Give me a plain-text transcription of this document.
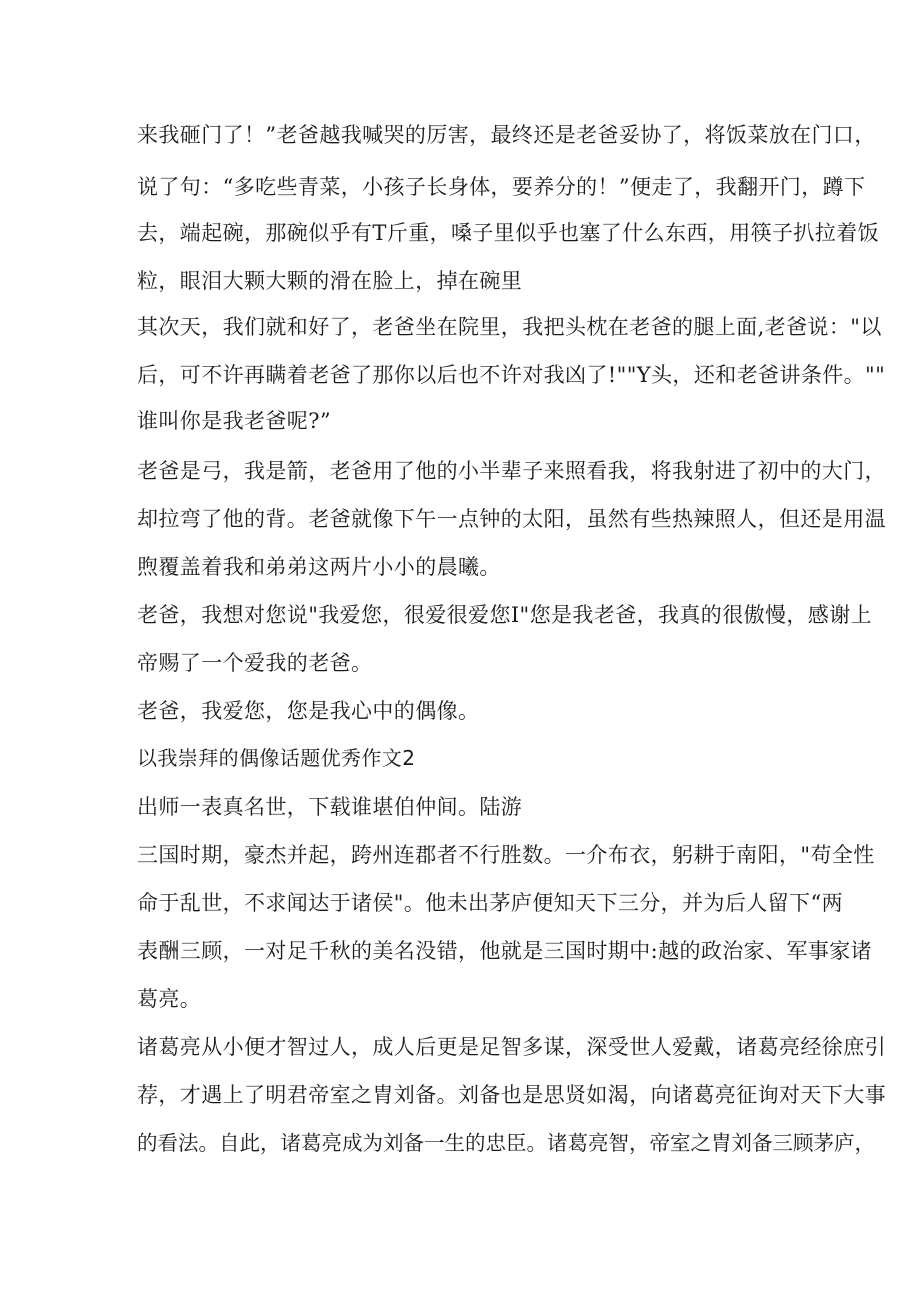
来我砸门了！”老爸越我喊哭的厉害，最终还是老爸妥协了，将饭菜放在门口，
说了句：“多吃些青菜，小孩子长身体，要养分的！”便走了，我翻开门，蹲下
去，端起碗，那碗似乎有T斤重，嗓子里似乎也塞了什么东西，用筷子扒拉着饭
粒，眼泪大颗大颗的滑在脸上，掉在碗里
其次天，我们就和好了，老爸坐在院里，我把头枕在老爸的腿上面,老爸说："以
后，可不许再瞒着老爸了那你以后也不许对我凶了!""Y头，还和老爸讲条件。""
谁叫你是我老爸呢?”
老爸是弓，我是箭，老爸用了他的小半辈子来照看我，将我射进了初中的大门，
却拉弯了他的背。老爸就像下午一点钟的太阳，虽然有些热辣照人，但还是用温
煦覆盖着我和弟弟这两片小小的晨曦。
老爸，我想对您说"我爱您，很爱很爱您I"您是我老爸，我真的很傲慢，感谢上
帝赐了一个爱我的老爸。
老爸，我爱您，您是我心中的偶像。
以我崇拜的偶像话题优秀作文2
出师一表真名世，下载谁堪伯仲间。陆游
三国时期，豪杰并起，跨州连郡者不行胜数。一介布衣，躬耕于南阳，"苟全性
命于乱世，不求闻达于诸侯"。他未出茅庐便知天下三分，并为后人留下“两
表酬三顾，一对足千秋的美名没错，他就是三国时期中:越的政治家、军事家诸
葛亮。
诸葛亮从小便才智过人，成人后更是足智多谋，深受世人爱戴，诸葛亮经徐庶引
荐，才遇上了明君帝室之胄刘备。刘备也是思贤如渴，向诸葛亮征询对天下大事
的看法。自此，诸葛亮成为刘备一生的忠臣。诸葛亮智，帝室之胄刘备三顾茅庐，
